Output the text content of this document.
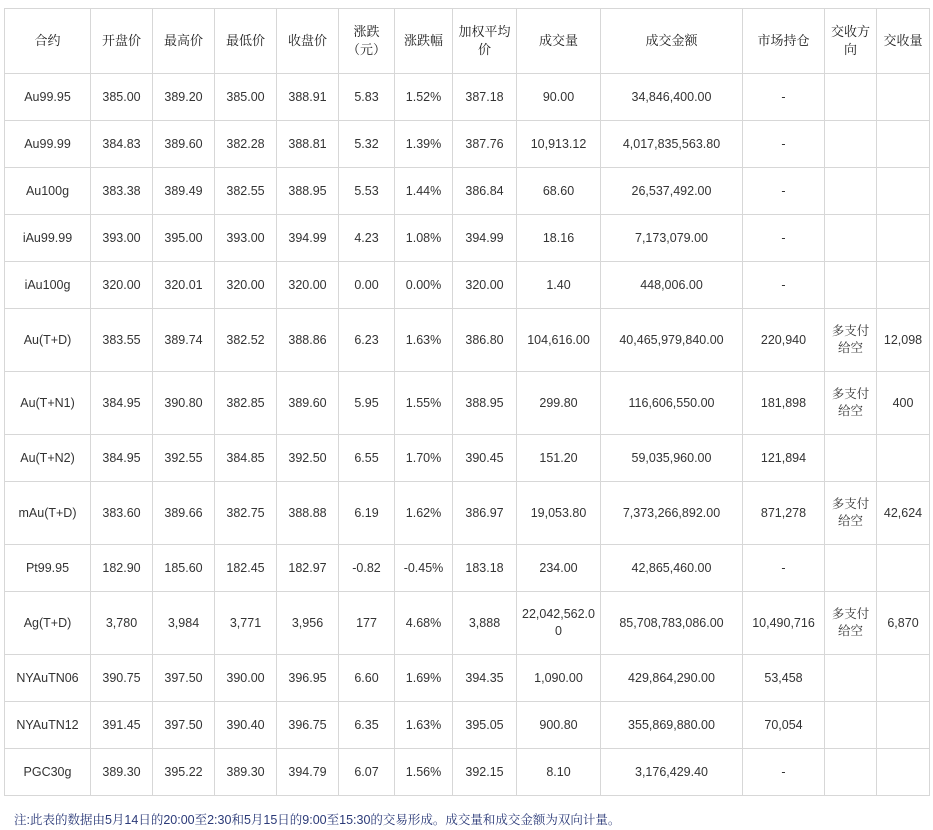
合约	开盘价	最高价	最低价	收盘价	涨跌（元）	涨跌幅	加权平均价	成交量	成交金额	市场持仓	交收方向	交收量
Au99.95	385.00	389.20	385.00	388.91	5.83	1.52%	387.18	90.00	34,846,400.00	-		
Au99.99	384.83	389.60	382.28	388.81	5.32	1.39%	387.76	10,913.12	4,017,835,563.80	-		
Au100g	383.38	389.49	382.55	388.95	5.53	1.44%	386.84	68.60	26,537,492.00	-		
iAu99.99	393.00	395.00	393.00	394.99	4.23	1.08%	394.99	18.16	7,173,079.00	-		
iAu100g	320.00	320.01	320.00	320.00	0.00	0.00%	320.00	1.40	448,006.00	-		
Au(T+D)	383.55	389.74	382.52	388.86	6.23	1.63%	386.80	104,616.00	40,465,979,840.00	220,940	多支付给空	12,098
Au(T+N1)	384.95	390.80	382.85	389.60	5.95	1.55%	388.95	299.80	116,606,550.00	181,898	多支付给空	400
Au(T+N2)	384.95	392.55	384.85	392.50	6.55	1.70%	390.45	151.20	59,035,960.00	121,894		
mAu(T+D)	383.60	389.66	382.75	388.88	6.19	1.62%	386.97	19,053.80	7,373,266,892.00	871,278	多支付给空	42,624
Pt99.95	182.90	185.60	182.45	182.97	-0.82	-0.45%	183.18	234.00	42,865,460.00	-		
Ag(T+D)	3,780	3,984	3,771	3,956	177	4.68%	3,888	22,042,562.00	85,708,783,086.00	10,490,716	多支付给空	6,870
NYAuTN06	390.75	397.50	390.00	396.95	6.60	1.69%	394.35	1,090.00	429,864,290.00	53,458		
NYAuTN12	391.45	397.50	390.40	396.75	6.35	1.63%	395.05	900.80	355,869,880.00	70,054		
PGC30g	389.30	395.22	389.30	394.79	6.07	1.56%	392.15	8.10	3,176,429.40	-		
注:此表的数据由5月14日的20:00至2:30和5月15日的9:00至15:30的交易形成。成交量和成交金额为双向计量。
